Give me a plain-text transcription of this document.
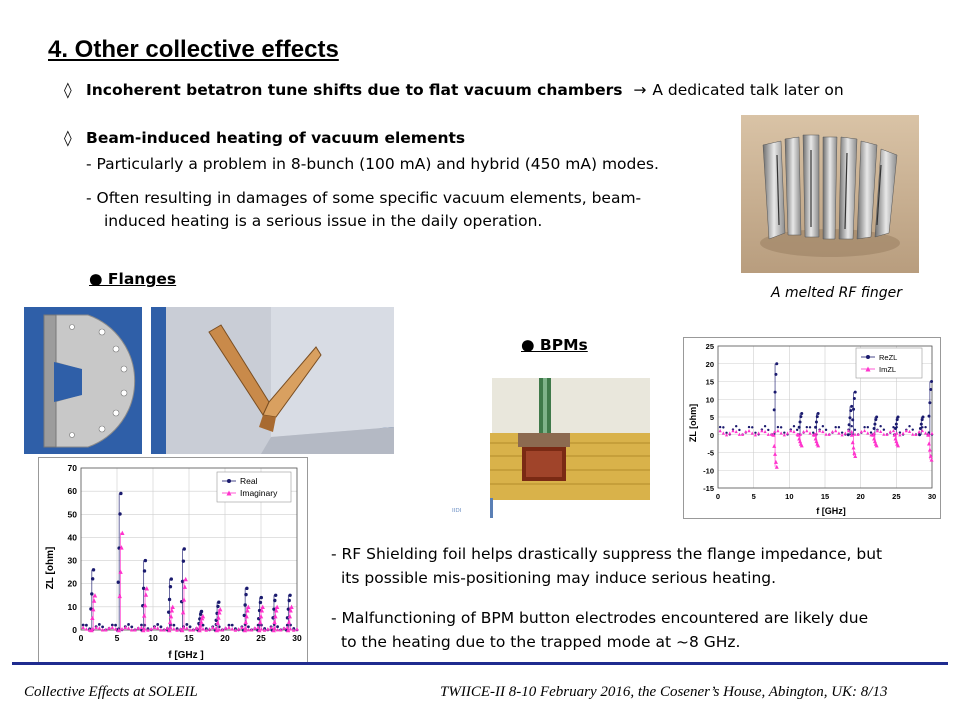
4. Other collective effects
◊ Incoherent betatron tune shifts due to flat vacuum chambers → A dedicated talk later on
◊ Beam-induced heating of vacuum elements
- Particularly a problem in 8-bunch (100 mA) and hybrid (450 mA) modes.
- Often resulting in damages of some specific vacuum elements, beam-
induced heating is a serious issue in the daily operation.
A melted RF finger
● Flanges
ZL [ohm]
f [GHz ]
0
10
20
30
40
50
60
70
0	5	10	15	20	25	30
Real
Imaginary
● BPMs
ᴵᴵᴰᴵ
ZL [ohm]
f [GHz]
-15
-10
-5
0
5
10
15
20
25
0	5	10	15	20	25	30
ReZL
ImZL
- RF Shielding foil helps drastically suppress the flange impedance, but
its possible mis-positioning may induce serious heating.
- Malfunctioning of BPM button electrodes encountered are likely due
to the heating due to the trapped mode at ~8 GHz.
Collective Effects at SOLEIL	TWIICE-II 8-10 February 2016, the Cosener’s House, Abington, UK: 8/13
